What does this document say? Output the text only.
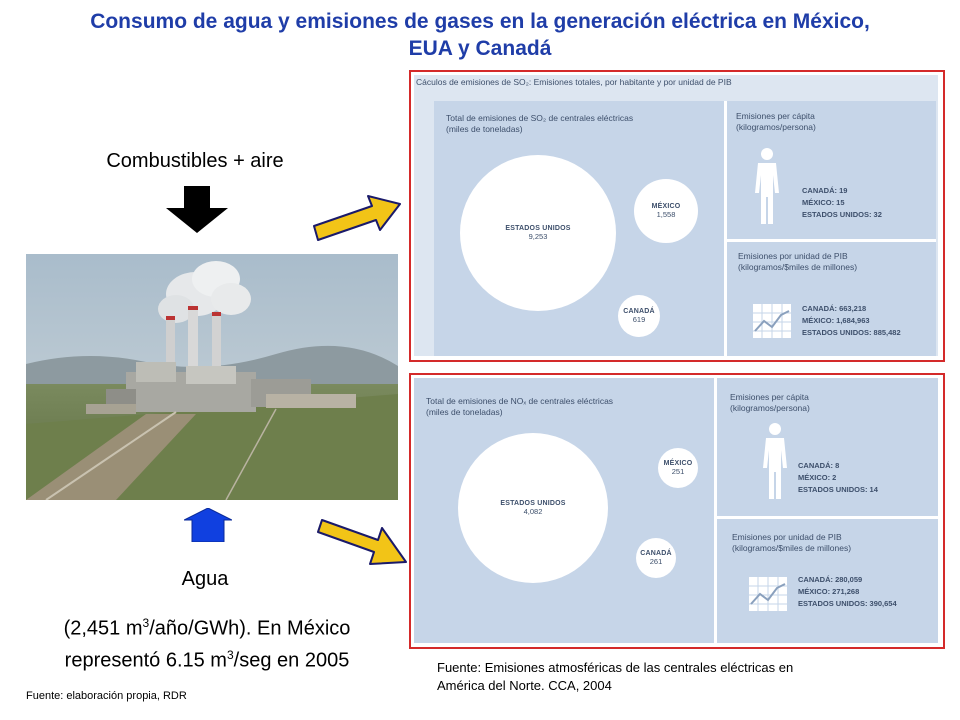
Consumo de agua y emisiones de gases en la generación eléctrica en México,
EUA y Canadá
Combustibles + aire
Agua
(2,451 $m^3/año/GWh$). En México
representó 6.15 $m^3$/seg en 2005
Fuente: elaboración propia, RDR
Cáculos de emisiones de SO₂: Emisiones totales, por habitante y por unidad de PIB
Total de emisiones de SO₂ de centrales eléctricas
(miles de toneladas)
ESTADOS UNIDOS
9,253
MÉXICO
1,558
CANADÁ
619
Emisiones per cápita
(kilogramos/persona)
CANADÁ: 19
MÉXICO: 15
ESTADOS UNIDOS: 32
Emisiones por unidad de PIB
(kilogramos/$miles de millones)
CANADÁ: 663,218
MÉXICO: 1,684,963
ESTADOS UNIDOS: 885,482
Total de emisiones de NOₓ de centrales eléctricas
(miles de toneladas)
ESTADOS UNIDOS
4,082
MÉXICO
251
CANADÁ
261
Emisiones per cápita
(kilogramos/persona)
CANADÁ: 8
MÉXICO: 2
ESTADOS UNIDOS: 14
Emisiones por unidad de PIB
(kilogramos/$miles de millones)
CANADÁ: 280,059
MÉXICO: 271,268
ESTADOS UNIDOS: 390,654
Fuente: Emisiones atmosféricas de las centrales eléctricas en
América del Norte. CCA, 2004
